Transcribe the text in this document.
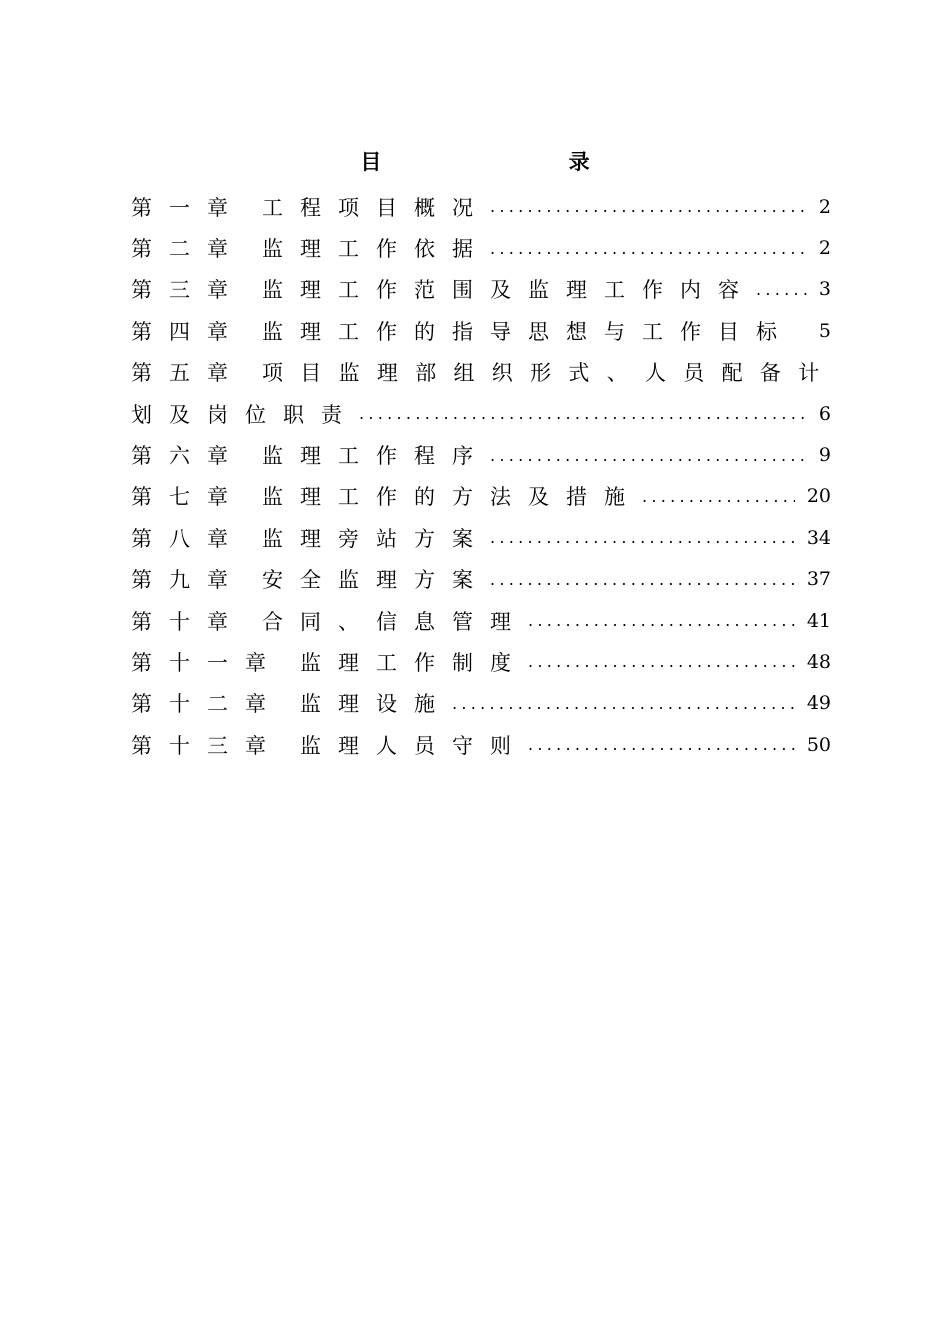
目 录
第一章 工程项目概况 .....	2
第二章 监理工作依据 .....	2
第三章 监理工作范围及监理工作内容 .....	3
第四章 监理工作的指导思想与工作目标 5
第五章 项目监理部组织形式、人员配备计
划及岗位职责 .....	6
第六章 监理工作程序 .....	9
第七章 监理工作的方法及措施 .....	20
第八章 监理旁站方案 .....	34
第九章 安全监理方案 .....	37
第十章 合同、信息管理 .....	41
第十一章 监理工作制度 .....	48
第十二章 监理设施 .....	49
第十三章 监理人员守则 .....	50
